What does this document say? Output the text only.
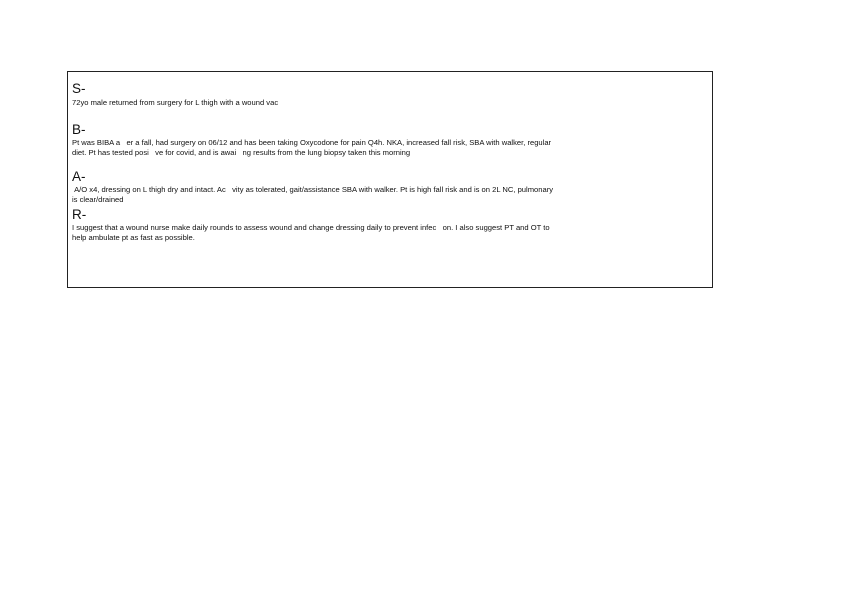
S-
72yo male returned from surgery for L thigh with a wound vac
B-
Pt was BIBA a   er a fall, had surgery on 06/12 and has been taking Oxycodone for pain Q4h. NKA, increased fall risk, SBA with walker, regular
diet. Pt has tested posi   ve for covid, and is awai   ng results from the lung biopsy taken this morning
A-
A/O x4, dressing on L thigh dry and intact. Ac   vity as tolerated, gait/assistance SBA with walker. Pt is high fall risk and is on 2L NC, pulmonary
is clear/drained
R-
I suggest that a wound nurse make daily rounds to assess wound and change dressing daily to prevent infec   on. I also suggest PT and OT to
help ambulate pt as fast as possible.
